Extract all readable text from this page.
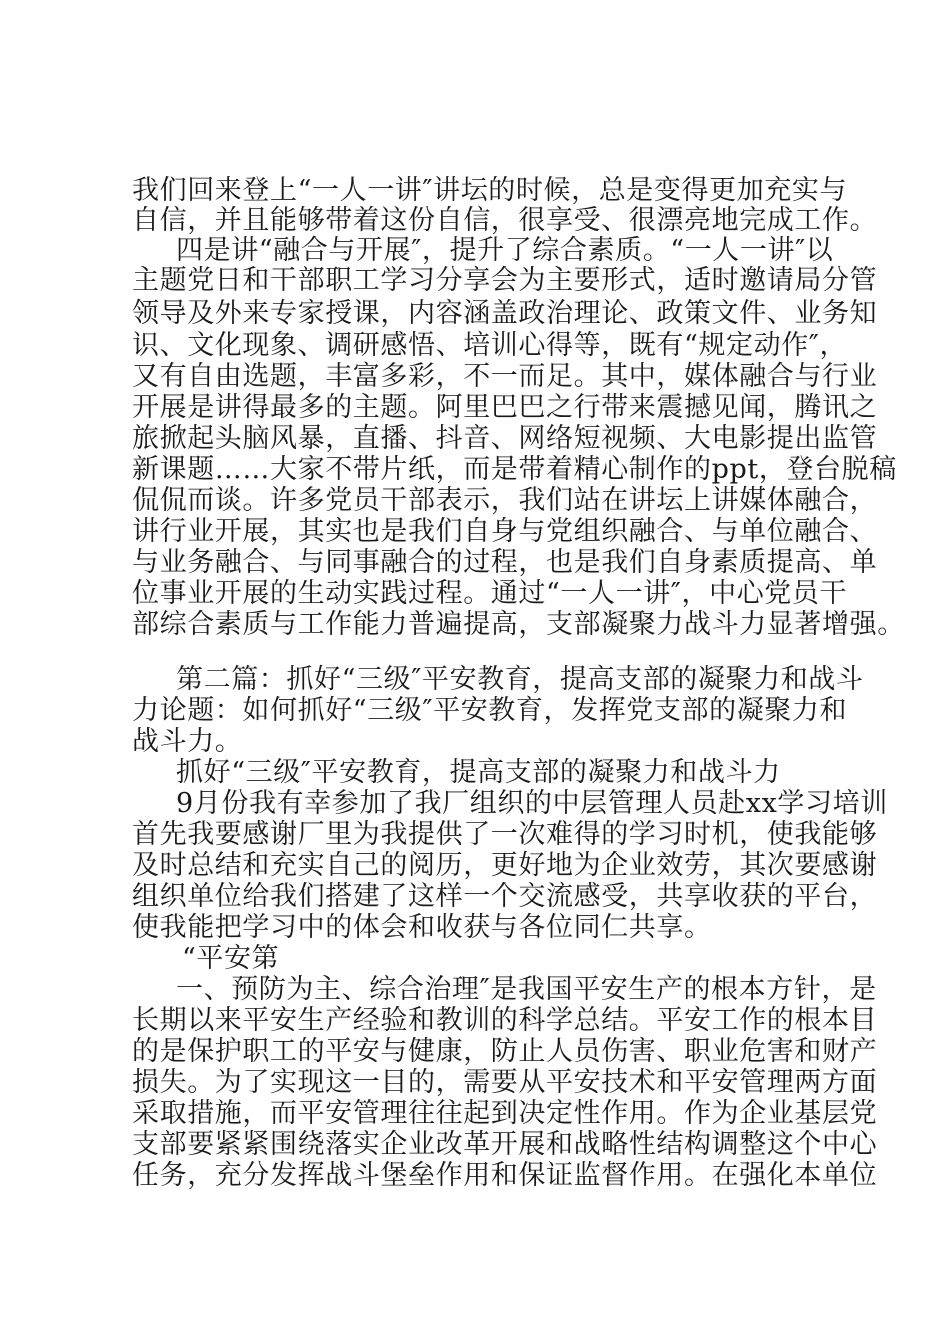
我们回来登上“一人一讲″讲坛的时候，总是变得更加充实与
自信，并且能够带着这份自信，很享受、很漂亮地完成工作。
四是讲“融合与开展″，提升了综合素质。“一人一讲″以
主题党日和干部职工学习分享会为主要形式，适时邀请局分管
领导及外来专家授课，内容涵盖政治理论、政策文件、业务知
识、文化现象、调研感悟、培训心得等，既有“规定动作″，
又有自由选题，丰富多彩，不一而足。其中，媒体融合与行业
开展是讲得最多的主题。阿里巴巴之行带来震撼见闻，腾讯之
旅掀起头脑风暴，直播、抖音、网络短视频、大电影提出监管
新课题……大家不带片纸，而是带着精心制作的ppt，登台脱稿
侃侃而谈。许多党员干部表示，我们站在讲坛上讲媒体融合，
讲行业开展，其实也是我们自身与党组织融合、与单位融合、
与业务融合、与同事融合的过程，也是我们自身素质提高、单
位事业开展的生动实践过程。通过“一人一讲″，中心党员干
部综合素质与工作能力普遍提高，支部凝聚力战斗力显著增强。
第二篇：抓好“三级″平安教育，提高支部的凝聚力和战斗
力论题：如何抓好“三级″平安教育，发挥党支部的凝聚力和
战斗力。
抓好“三级″平安教育，提高支部的凝聚力和战斗力
9月份我有幸参加了我厂组织的中层管理人员赴xx学习培训
首先我要感谢厂里为我提供了一次难得的学习时机，使我能够
及时总结和充实自己的阅历，更好地为企业效劳，其次要感谢
组织单位给我们搭建了这样一个交流感受，共享收获的平台，
使我能把学习中的体会和收获与各位同仁共享。
“平安第
一、预防为主、综合治理″是我国平安生产的根本方针，是
长期以来平安生产经验和教训的科学总结。平安工作的根本目
的是保护职工的平安与健康，防止人员伤害、职业危害和财产
损失。为了实现这一目的，需要从平安技术和平安管理两方面
采取措施，而平安管理往往起到决定性作用。作为企业基层党
支部要紧紧围绕落实企业改革开展和战略性结构调整这个中心
任务，充分发挥战斗堡垒作用和保证监督作用。在强化本单位
